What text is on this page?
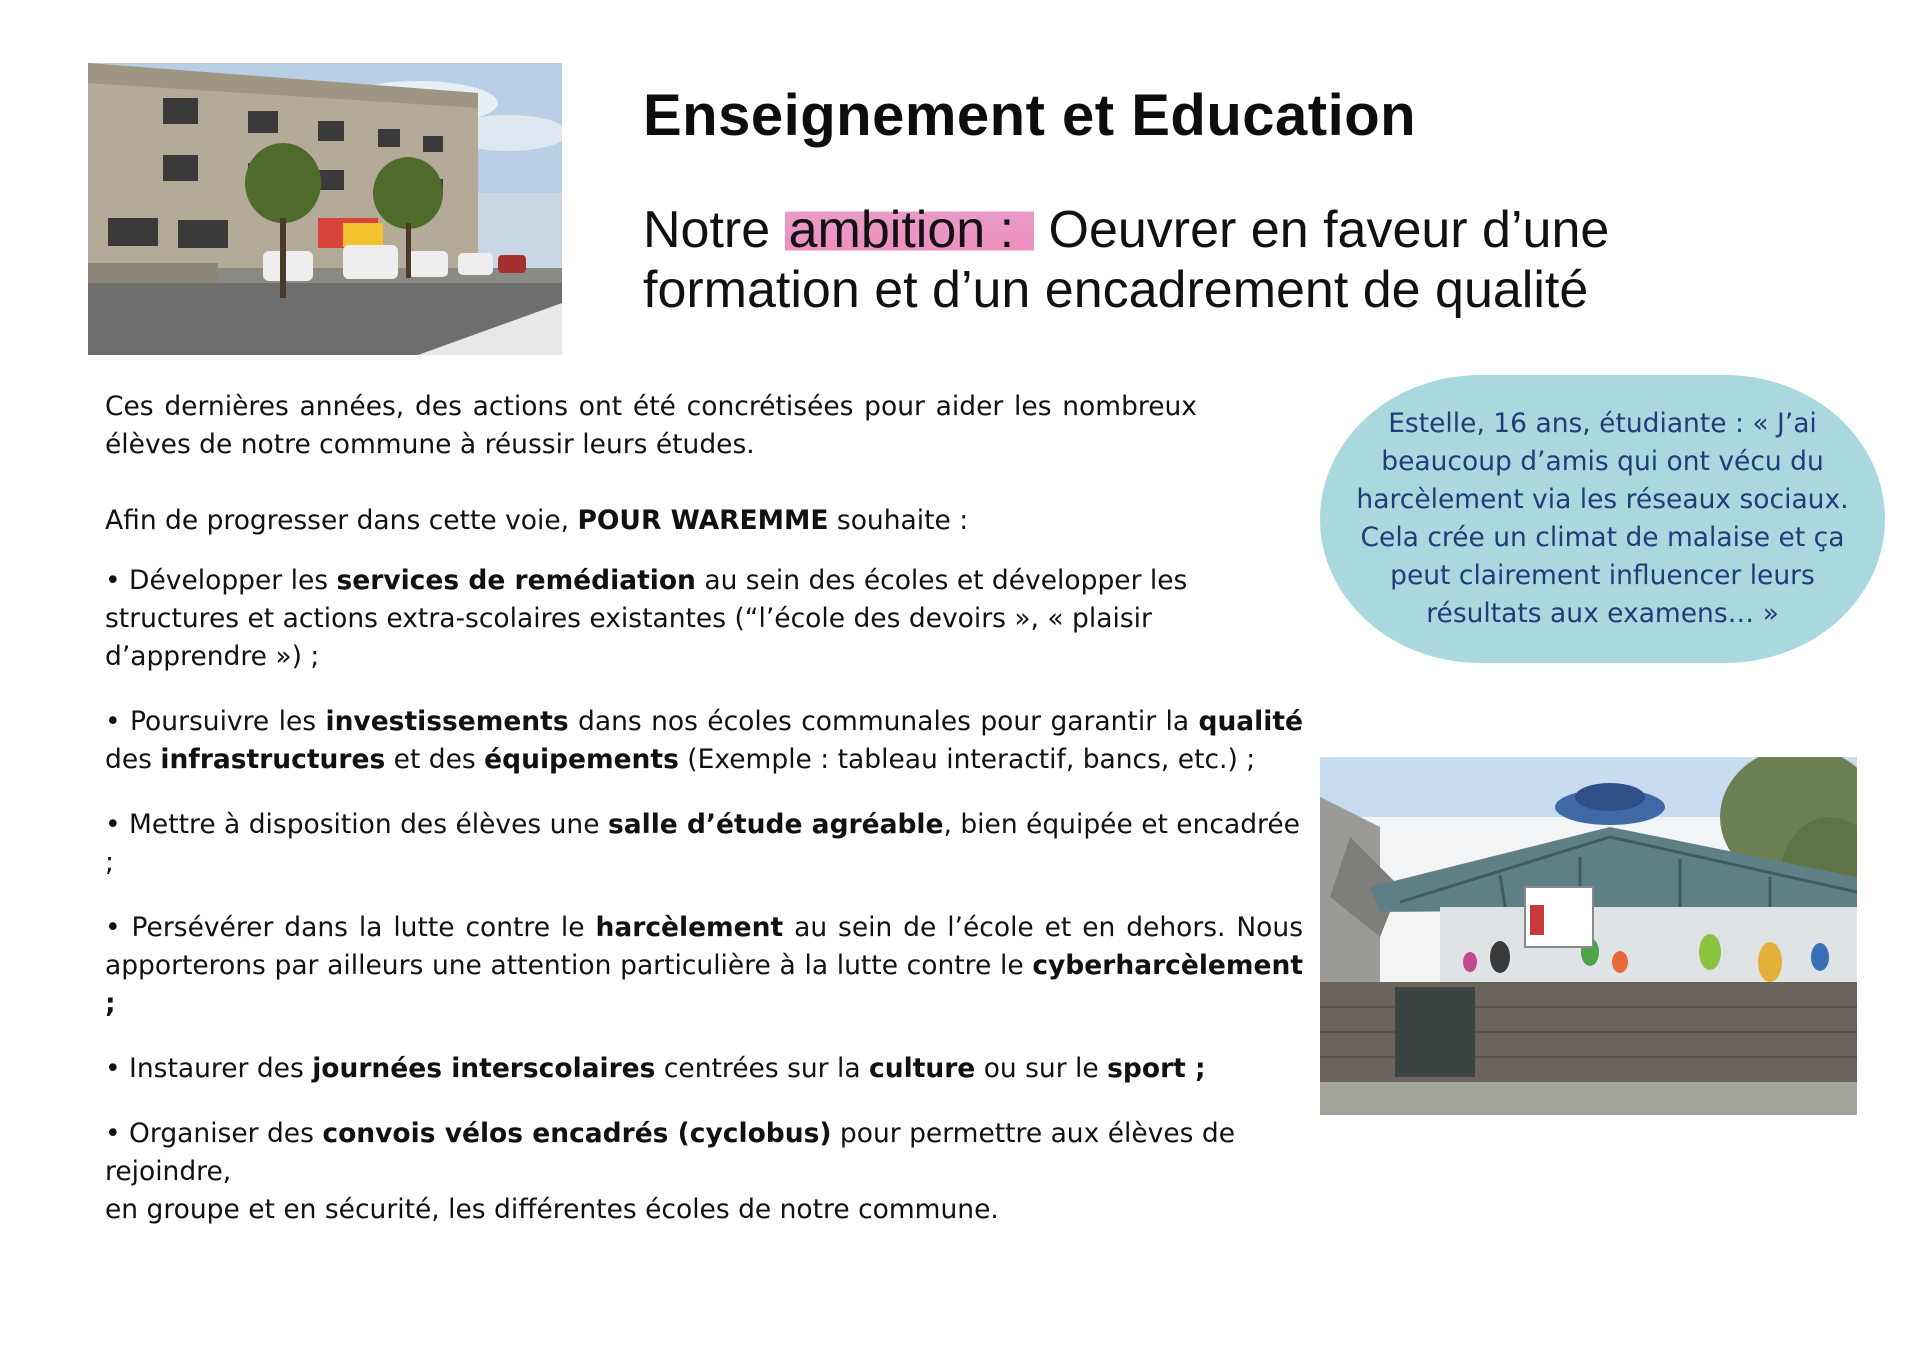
Enseignement et Education
Notre ambition : Oeuvrer en faveur d’une formation et d’un encadrement de qualité

Ces dernières années, des actions ont été concrétisées pour aider les nombreux élèves de notre commune à réussir leurs études.

Afin de progresser dans cette voie, POUR WAREMME souhaite :

• Développer les services de remédiation au sein des écoles et développer les
structures et actions extra-scolaires existantes (“l’école des devoirs », « plaisir d’apprendre ») ;

• Poursuivre les investissements dans nos écoles communales pour garantir la qualité des infrastructures et des équipements (Exemple : tableau interactif, bancs, etc.) ;

• Mettre à disposition des élèves une salle d’étude agréable, bien équipée et encadrée ;

• Persévérer dans la lutte contre le harcèlement au sein de l’école et en dehors. Nous apporterons par ailleurs une attention particulière à la lutte contre le cyberharcèlement ;

• Instaurer des journées interscolaires centrées sur la culture ou sur le sport ;

• Organiser des convois vélos encadrés (cyclobus) pour permettre aux élèves de rejoindre,
en groupe et en sécurité, les différentes écoles de notre commune.

Estelle, 16 ans, étudiante : « J’ai beaucoup d’amis qui ont vécu du harcèlement via les réseaux sociaux. Cela crée un climat de malaise et ça peut clairement influencer leurs résultats aux examens… »
